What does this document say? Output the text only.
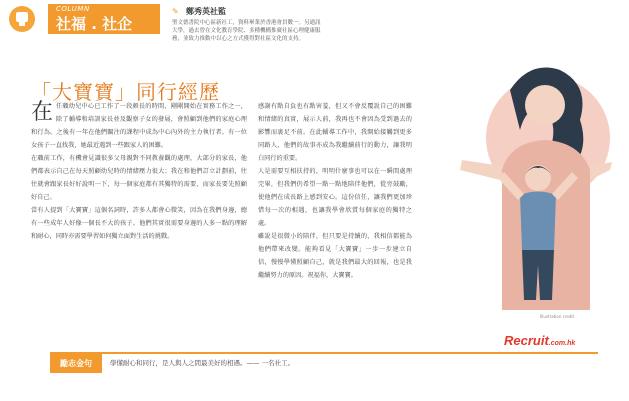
COLUMN
社福 . 社企
✎ 鄭秀英社監
聖文德書院中心區新社工，資料畢業於香港會員數一。另通訊大學，過去曾在文化教育學院、多種機構推廣社區心理健康服務，並致力推動中以心之方式獲得對社區文化的支持。
「大寶寶」同行經歷
在 任職幼兒中心已工作了一段頗長的時間，剛剛開始在實務工作之一，除了輔導和培訓家長並及觀察子女的發展，會照顧到他們的家庭心理和行為。之後有一年在他們關注的課程中成為中心內外的主力執行者。有一位女孩子一直找我，她最近遇到一些跟家人的困難。

在職前工作，有機會見識很多父母親對不同教養觀的處理，大部分的家長，他們都表示自己在每天照顧幼兒時的情緒壓力很大；我在和他們訂立計劃前，往往就會跟家長好好說明一下，每一個家庭都有其獨特的需要，而家長要先照顧好自己。

當有人提到「大寶寶」這個名詞時，許多人都會心微笑，因為在我們身邊，總有一些成年人好像一個長不大的孩子。他們其實很需要身邊的人多一點的理解和耐心，同時亦需要學習如何獨立面對生活的挑戰。

感謝有點自負也有點害羞，但又不會反覆說自己的困難和情緒的真實，展示人前，我再也不會因為受到過去的影響而裹足不前。在此輔導工作中，我開始接觸到更多同路人，他們的故事亦成為我繼續前行的動力，讓我明白同行的重要。

人是需要互相扶持的，明明什麼事也可以在一瞬間處理完畢，但我們仍希望一點一點地陪伴他們，從旁鼓勵，使他們在成長路上感到安心。這份信任，讓我們更加珍惜每一次的相遇，也讓我學會欣賞每個家庭的獨特之處。

雖說是很微小的陪伴，但只要是持續的，我相信都能為他們帶來改變。能夠看見「大寶寶」一步一步建立自信，慢慢學懂照顧自己，就是我們最大的回報，也是我繼續努力的原因。祝福你，大寶寶。

Illustration credit
Recruit.com.hk
勵志金句	學懂耐心和同行，是人與人之間最美好的相遇。—— 一名社工。
